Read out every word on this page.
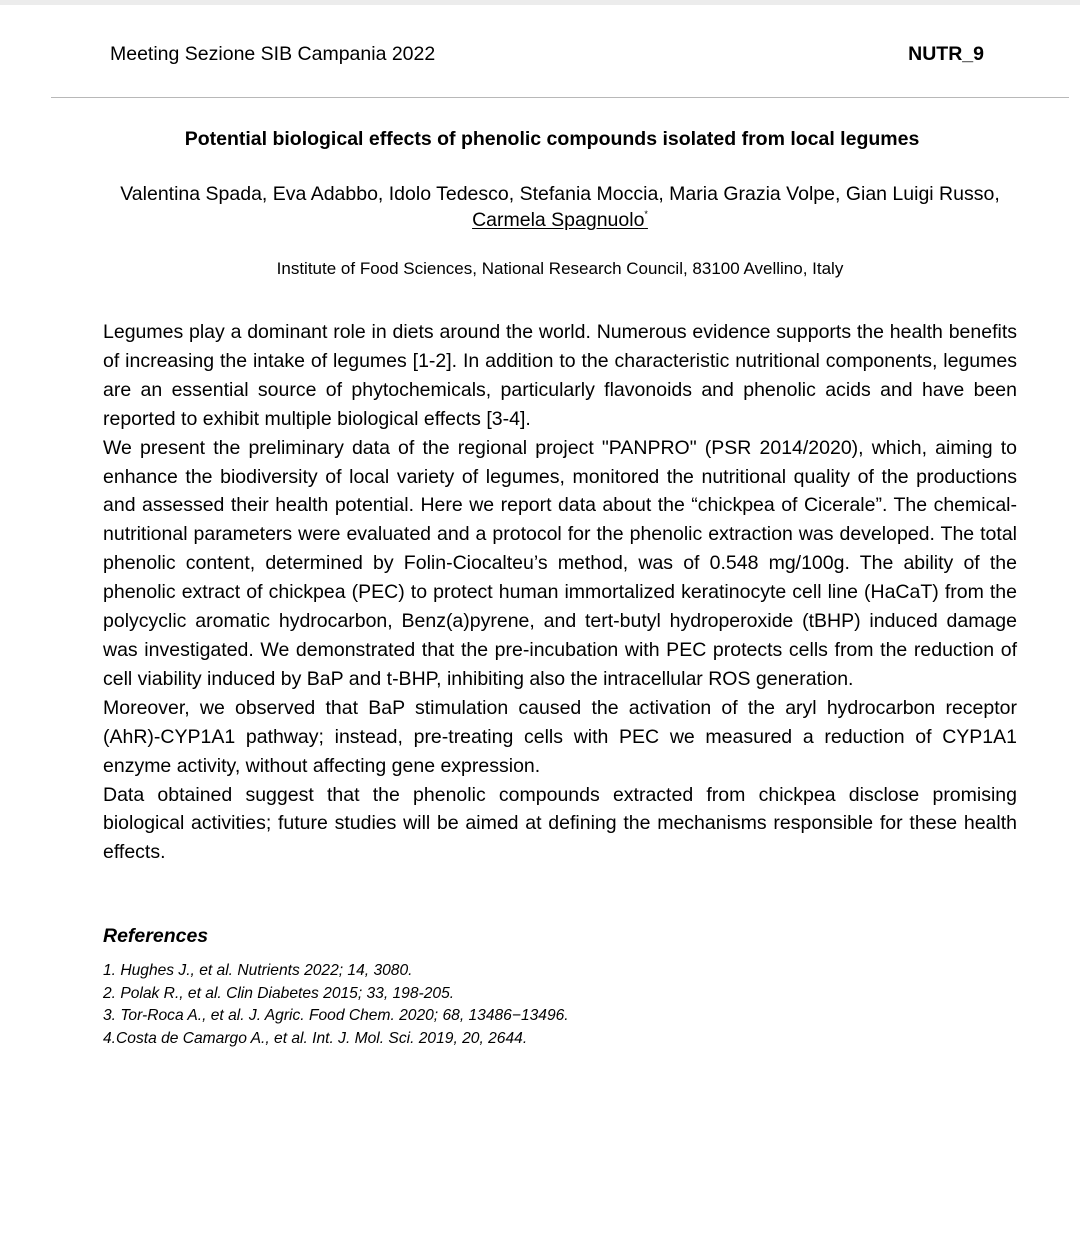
Meeting Sezione SIB Campania 2022	NUTR_9
Potential biological effects of phenolic compounds isolated from local legumes
Valentina Spada, Eva Adabbo, Idolo Tedesco, Stefania Moccia, Maria Grazia Volpe, Gian Luigi Russo, Carmela Spagnuolo*
Institute of Food Sciences, National Research Council, 83100 Avellino, Italy

Legumes play a dominant role in diets around the world. Numerous evidence supports the health benefits of increasing the intake of legumes [1-2]. In addition to the characteristic nutritional components, legumes are an essential source of phytochemicals, particularly flavonoids and phenolic acids and have been reported to exhibit multiple biological effects [3-4].

We present the preliminary data of the regional project "PANPRO" (PSR 2014/2020), which, aiming to enhance the biodiversity of local variety of legumes, monitored the nutritional quality of the productions and assessed their health potential. Here we report data about the “chickpea of Cicerale”. The chemical-nutritional parameters were evaluated and a protocol for the phenolic extraction was developed. The total phenolic content, determined by Folin-Ciocalteu’s method, was of 0.548 mg/100g. The ability of the phenolic extract of chickpea (PEC) to protect human immortalized keratinocyte cell line (HaCaT) from the polycyclic aromatic hydrocarbon, Benz(a)pyrene, and tert-butyl hydroperoxide (tBHP) induced damage was investigated. We demonstrated that the pre-incubation with PEC protects cells from the reduction of cell viability induced by BaP and t-BHP, inhibiting also the intracellular ROS generation.

Moreover, we observed that BaP stimulation caused the activation of the aryl hydrocarbon receptor (AhR)-CYP1A1 pathway; instead, pre-treating cells with PEC we measured a reduction of CYP1A1 enzyme activity, without affecting gene expression.

Data obtained suggest that the phenolic compounds extracted from chickpea disclose promising biological activities; future studies will be aimed at defining the mechanisms responsible for these health effects.

References
1. Hughes J., et al. Nutrients 2022; 14, 3080.
2. Polak R., et al. Clin Diabetes 2015; 33, 198-205.
3. Tor-Roca A., et al. J. Agric. Food Chem. 2020; 68, 13486−13496.
4.Costa de Camargo A., et al. Int. J. Mol. Sci. 2019, 20, 2644.
